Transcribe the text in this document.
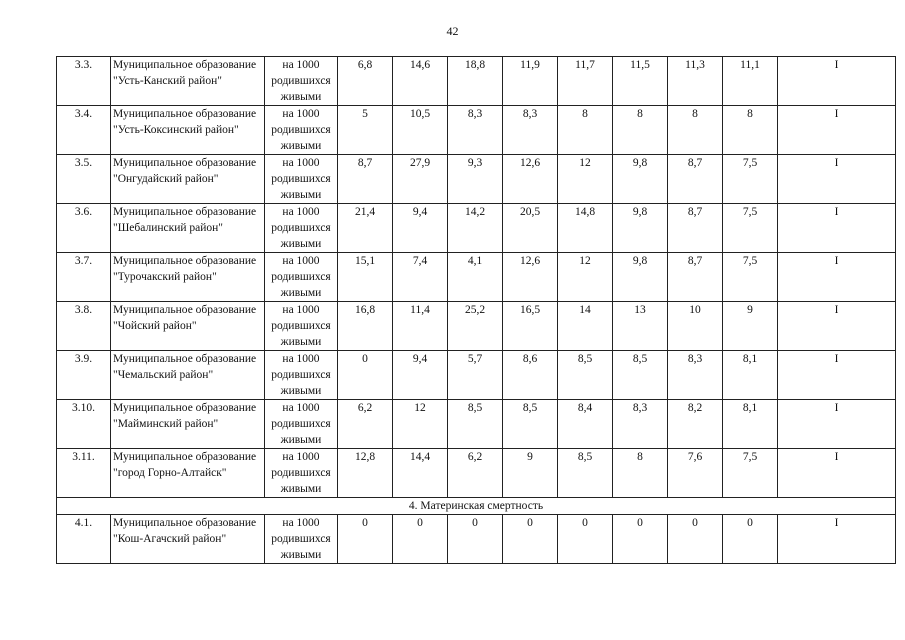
42
3.3.	Муниципальное образование "Усть-Канский район"	на 1000 родившихся живыми	6,8	14,6	18,8	11,9	11,7	11,5	11,3	11,1	I
3.4.	Муниципальное образование "Усть-Коксинский район"	на 1000 родившихся живыми	5	10,5	8,3	8,3	8	8	8	8	I
3.5.	Муниципальное образование "Онгудайский район"	на 1000 родившихся живыми	8,7	27,9	9,3	12,6	12	9,8	8,7	7,5	I
3.6.	Муниципальное образование "Шебалинский район"	на 1000 родившихся живыми	21,4	9,4	14,2	20,5	14,8	9,8	8,7	7,5	I
3.7.	Муниципальное образование "Турочакский район"	на 1000 родившихся живыми	15,1	7,4	4,1	12,6	12	9,8	8,7	7,5	I
3.8.	Муниципальное образование "Чойский район"	на 1000 родившихся живыми	16,8	11,4	25,2	16,5	14	13	10	9	I
3.9.	Муниципальное образование "Чемальский район"	на 1000 родившихся живыми	0	9,4	5,7	8,6	8,5	8,5	8,3	8,1	I
3.10.	Муниципальное образование "Майминский район"	на 1000 родившихся живыми	6,2	12	8,5	8,5	8,4	8,3	8,2	8,1	I
3.11.	Муниципальное образование "город Горно-Алтайск"	на 1000 родившихся живыми	12,8	14,4	6,2	9	8,5	8	7,6	7,5	I
4. Материнская смертность											
4.1.	Муниципальное образование "Кош-Агачский район"	на 1000 родившихся живыми	0	0	0	0	0	0	0	0	I
